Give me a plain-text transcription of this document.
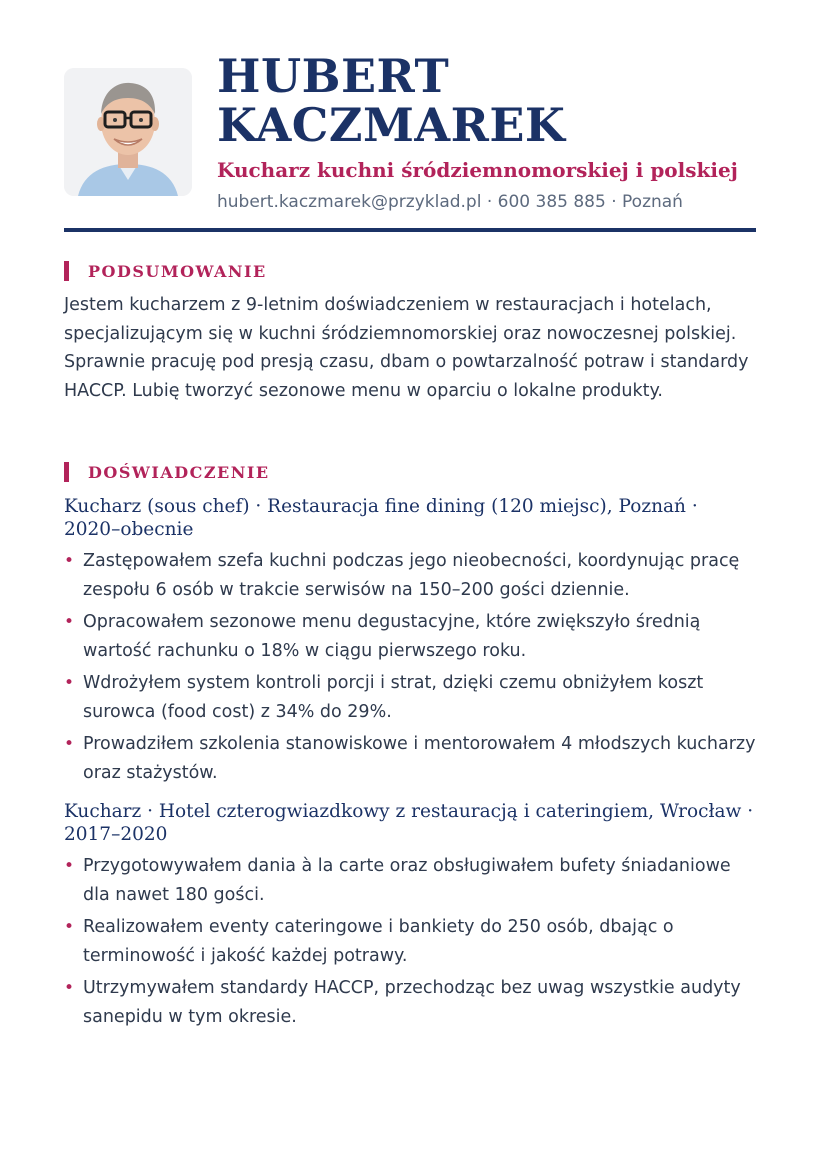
HUBERT
KACZMAREK
Kucharz kuchni śródziemnomorskiej i polskiej
hubert.kaczmarek@przyklad.pl · 600 385 885 · Poznań
PODSUMOWANIE
Jestem kucharzem z 9-letnim doświadczeniem w restauracjach i hotelach, specjalizującym się w kuchni śródziemnomorskiej oraz nowoczesnej polskiej. Sprawnie pracuję pod presją czasu, dbam o powtarzalność potraw i standardy HACCP. Lubię tworzyć sezonowe menu w oparciu o lokalne produkty.
DOŚWIADCZENIE
Kucharz (sous chef) · Restauracja fine dining (120 miejsc), Poznań · 2020–obecnie
• Zastępowałem szefa kuchni podczas jego nieobecności, koordynując pracę zespołu 6 osób w trakcie serwisów na 150–200 gości dziennie.
• Opracowałem sezonowe menu degustacyjne, które zwiększyło średnią wartość rachunku o 18% w ciągu pierwszego roku.
• Wdrożyłem system kontroli porcji i strat, dzięki czemu obniżyłem koszt surowca (food cost) z 34% do 29%.
• Prowadziłem szkolenia stanowiskowe i mentorowałem 4 młodszych kucharzy oraz stażystów.
Kucharz · Hotel czterogwiazdkowy z restauracją i cateringiem, Wrocław · 2017–2020
• Przygotowywałem dania à la carte oraz obsługiwałem bufety śniadaniowe dla nawet 180 gości.
• Realizowałem eventy cateringowe i bankiety do 250 osób, dbając o terminowość i jakość każdej potrawy.
• Utrzymywałem standardy HACCP, przechodząc bez uwag wszystkie audyty sanepidu w tym okresie.
